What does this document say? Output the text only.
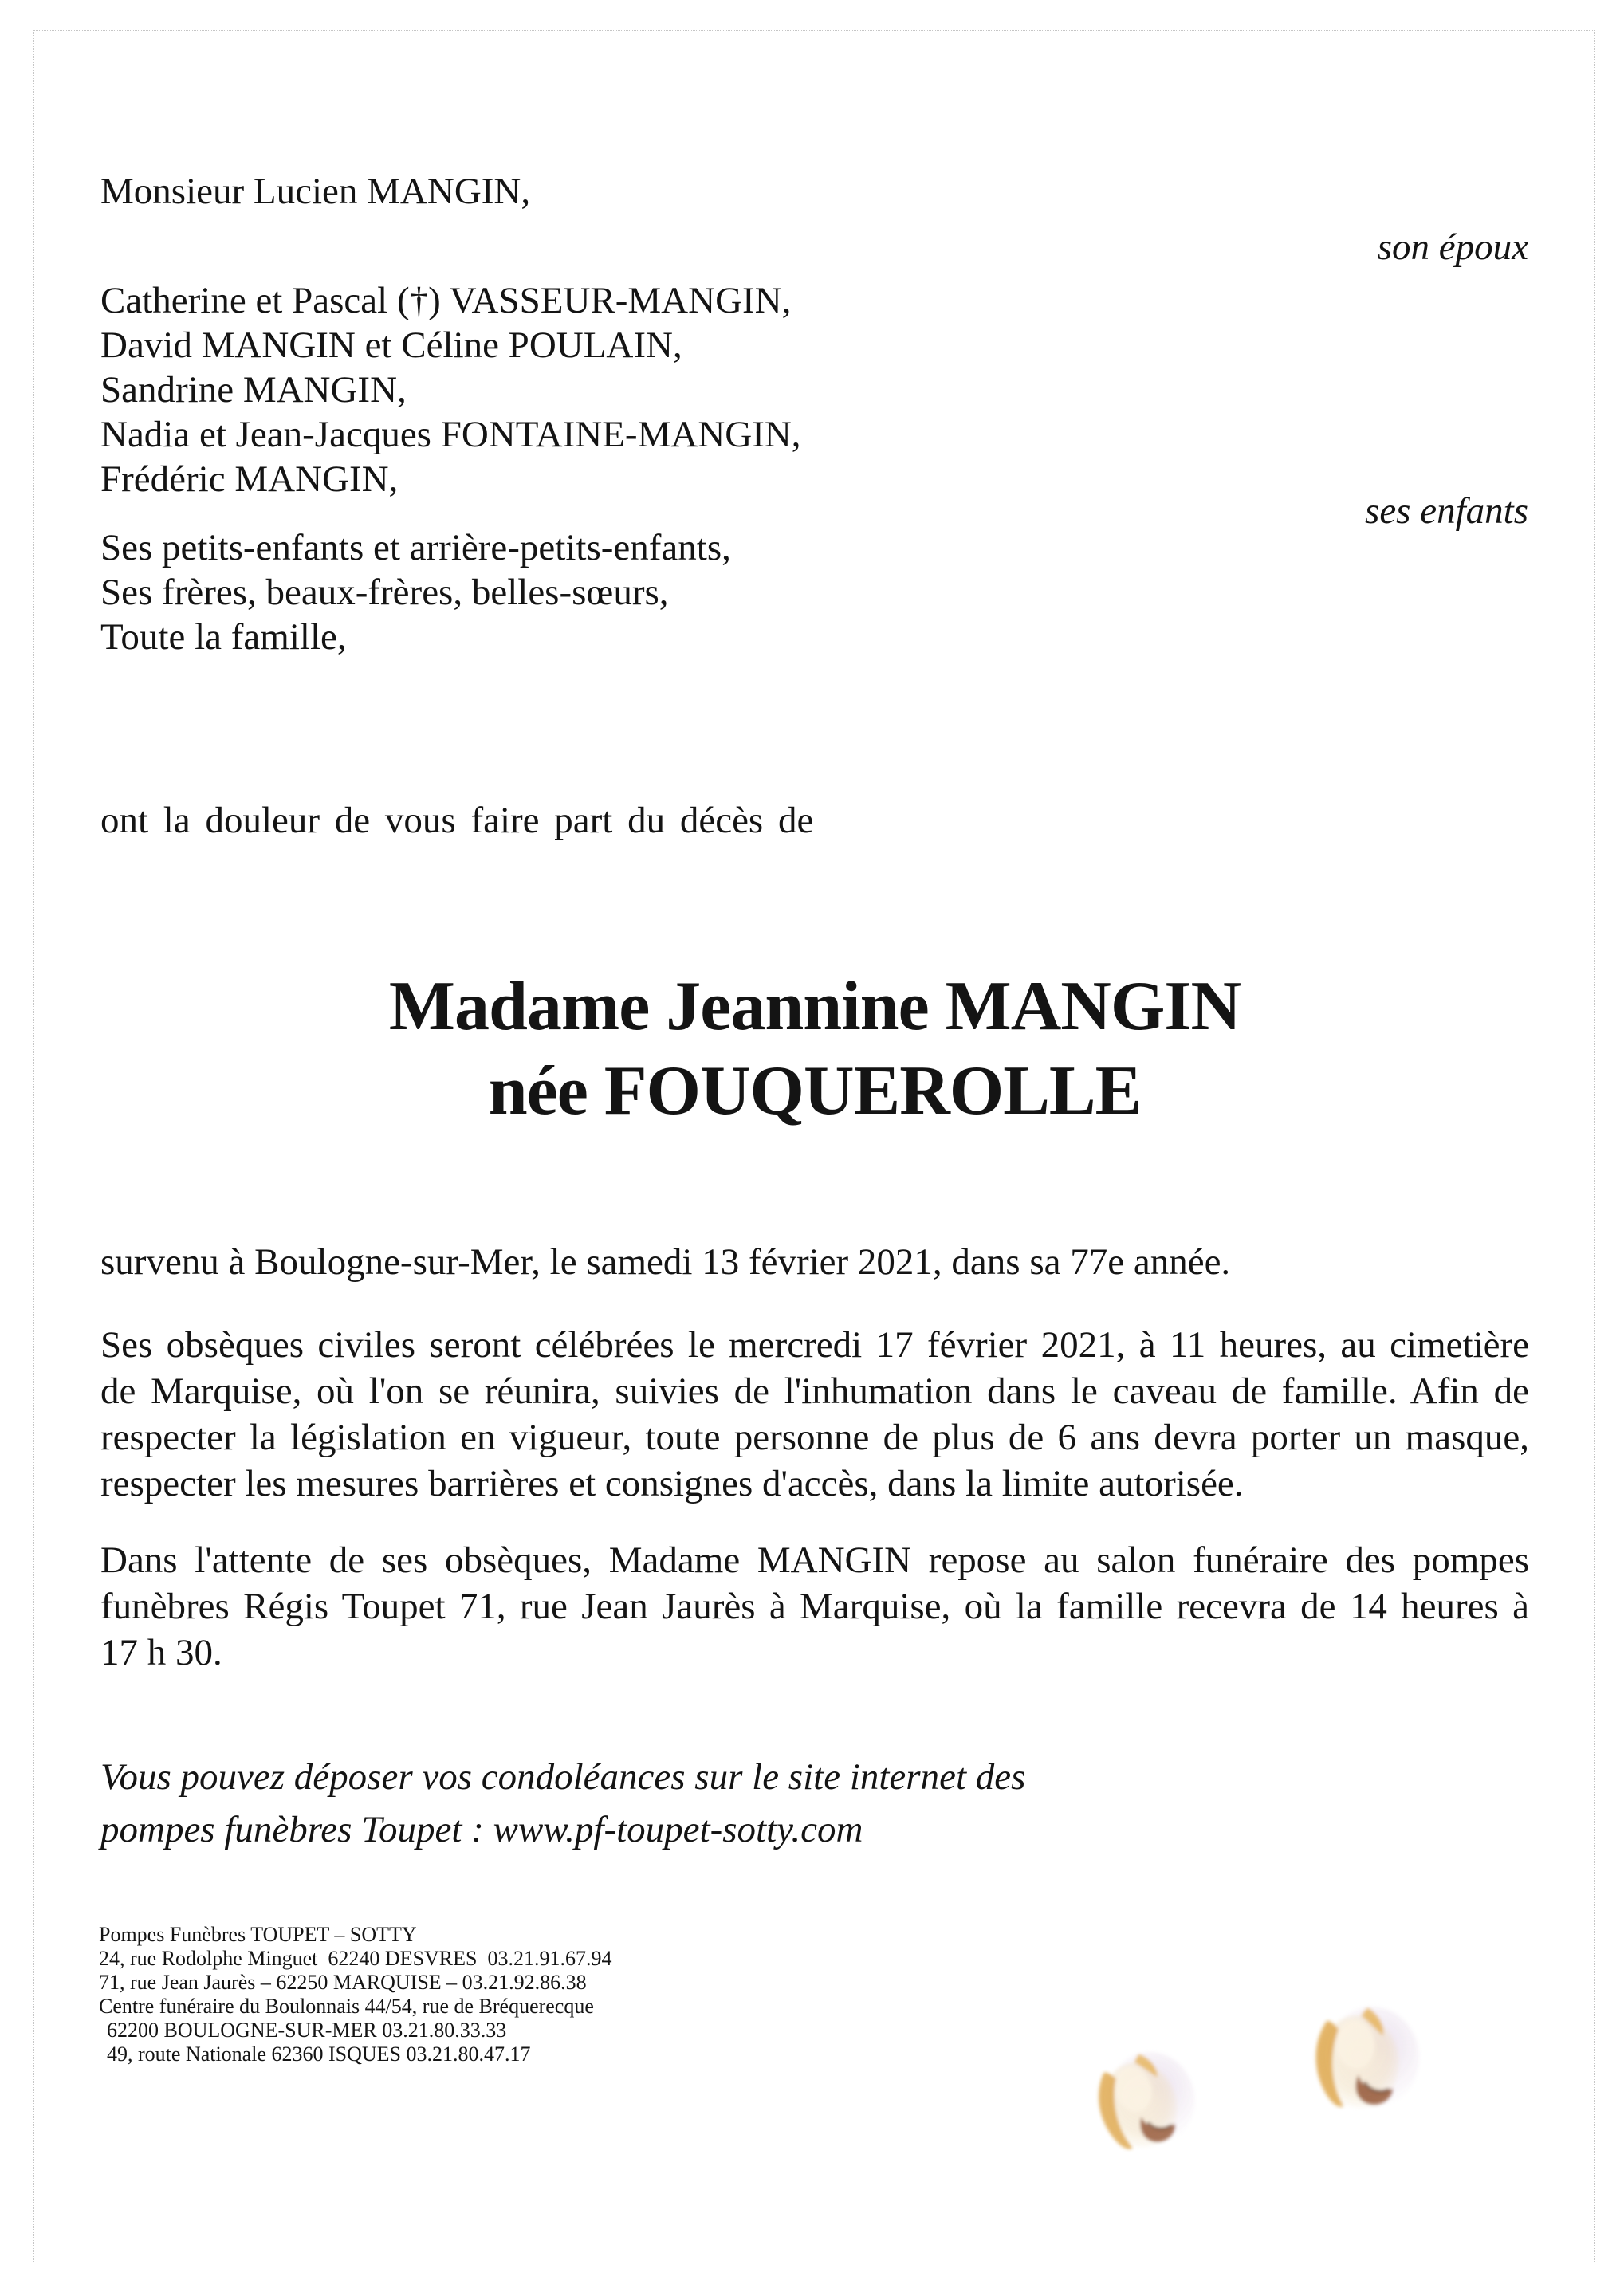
Monsieur Lucien MANGIN,
son époux
Catherine et Pascal (†) VASSEUR-MANGIN,
David MANGIN et Céline POULAIN,
Sandrine MANGIN,
Nadia et Jean-Jacques FONTAINE-MANGIN,
Frédéric MANGIN,
ses enfants
Ses petits-enfants et arrière-petits-enfants,
Ses frères, beaux-frères, belles-sœurs,
Toute la famille,
ont la douleur de vous faire part du décès de
Madame Jeannine MANGIN
née FOUQUEROLLE
survenu à Boulogne-sur-Mer, le samedi 13 février 2021, dans sa 77e année.
Ses obsèques civiles seront célébrées le mercredi 17 février 2021, à 11 heures, au cimetière
de Marquise, où l'on se réunira, suivies de l'inhumation dans le caveau de famille. Afin de
respecter la législation en vigueur, toute personne de plus de 6 ans devra porter un masque,
respecter les mesures barrières et consignes d'accès, dans la limite autorisée.
Dans l'attente de ses obsèques, Madame MANGIN repose au salon funéraire des pompes
funèbres Régis Toupet 71, rue Jean Jaurès à Marquise, où la famille recevra de 14 heures à
17 h 30.
Vous pouvez déposer vos condoléances sur le site internet des
pompes funèbres Toupet : www.pf-toupet-sotty.com
Pompes Funèbres TOUPET – SOTTY
24, rue Rodolphe Minguet  62240 DESVRES  03.21.91.67.94
71, rue Jean Jaurès – 62250 MARQUISE – 03.21.92.86.38
Centre funéraire du Boulonnais 44/54, rue de Bréquerecque
62200 BOULOGNE-SUR-MER 03.21.80.33.33
49, route Nationale 62360 ISQUES 03.21.80.47.17
